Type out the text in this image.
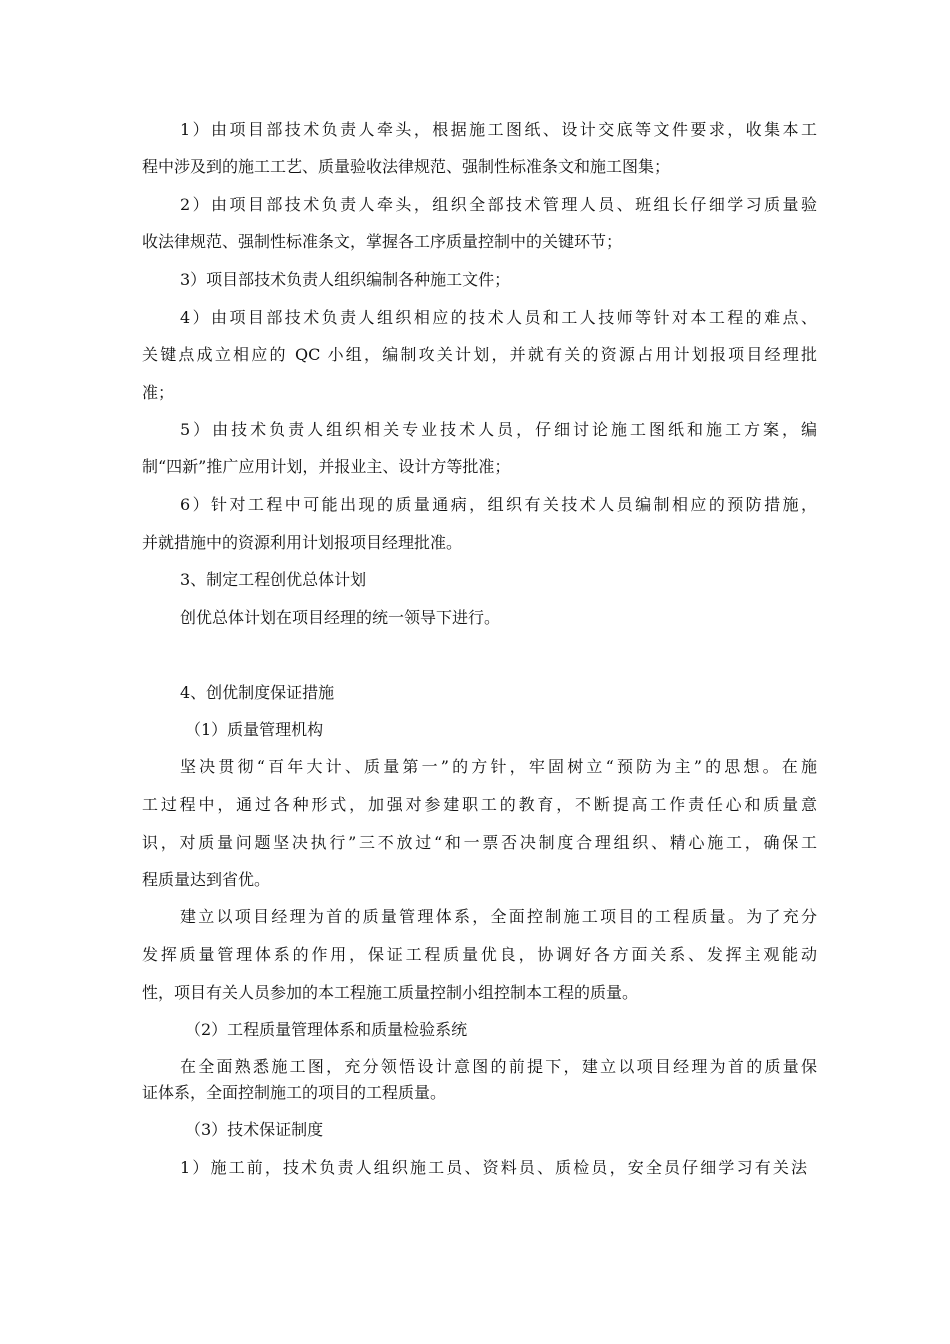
1）由项目部技术负责人牵头，根据施工图纸、设计交底等文件要求，收集本工
程中涉及到的施工工艺、质量验收法律规范、强制性标准条文和施工图集；
2）由项目部技术负责人牵头，组织全部技术管理人员、班组长仔细学习质量验
收法律规范、强制性标准条文，掌握各工序质量控制中的关键环节；
3）项目部技术负责人组织编制各种施工文件；
4）由项目部技术负责人组织相应的技术人员和工人技师等针对本工程的难点、
关键点成立相应的 QC 小组，编制攻关计划，并就有关的资源占用计划报项目经理批
准；
5）由技术负责人组织相关专业技术人员，仔细讨论施工图纸和施工方案，编
制“四新”推广应用计划，并报业主、设计方等批准；
6）针对工程中可能出现的质量通病，组织有关技术人员编制相应的预防措施，
并就措施中的资源利用计划报项目经理批准。
3、制定工程创优总体计划
创优总体计划在项目经理的统一领导下进行。
4、创优制度保证措施
（1）质量管理机构
坚决贯彻“百年大计、质量第一”的方针，牢固树立“预防为主”的思想。在施
工过程中，通过各种形式，加强对参建职工的教育，不断提高工作责任心和质量意
识，对质量问题坚决执行”三不放过“和一票否决制度合理组织、精心施工，确保工
程质量达到省优。
建立以项目经理为首的质量管理体系，全面控制施工项目的工程质量。为了充分
发挥质量管理体系的作用，保证工程质量优良，协调好各方面关系、发挥主观能动
性，项目有关人员参加的本工程施工质量控制小组控制本工程的质量。
（2）工程质量管理体系和质量检验系统
在全面熟悉施工图，充分领悟设计意图的前提下，建立以项目经理为首的质量保
证体系，全面控制施工的项目的工程质量。
（3）技术保证制度
1）施工前，技术负责人组织施工员、资料员、质检员，安全员仔细学习有关法
